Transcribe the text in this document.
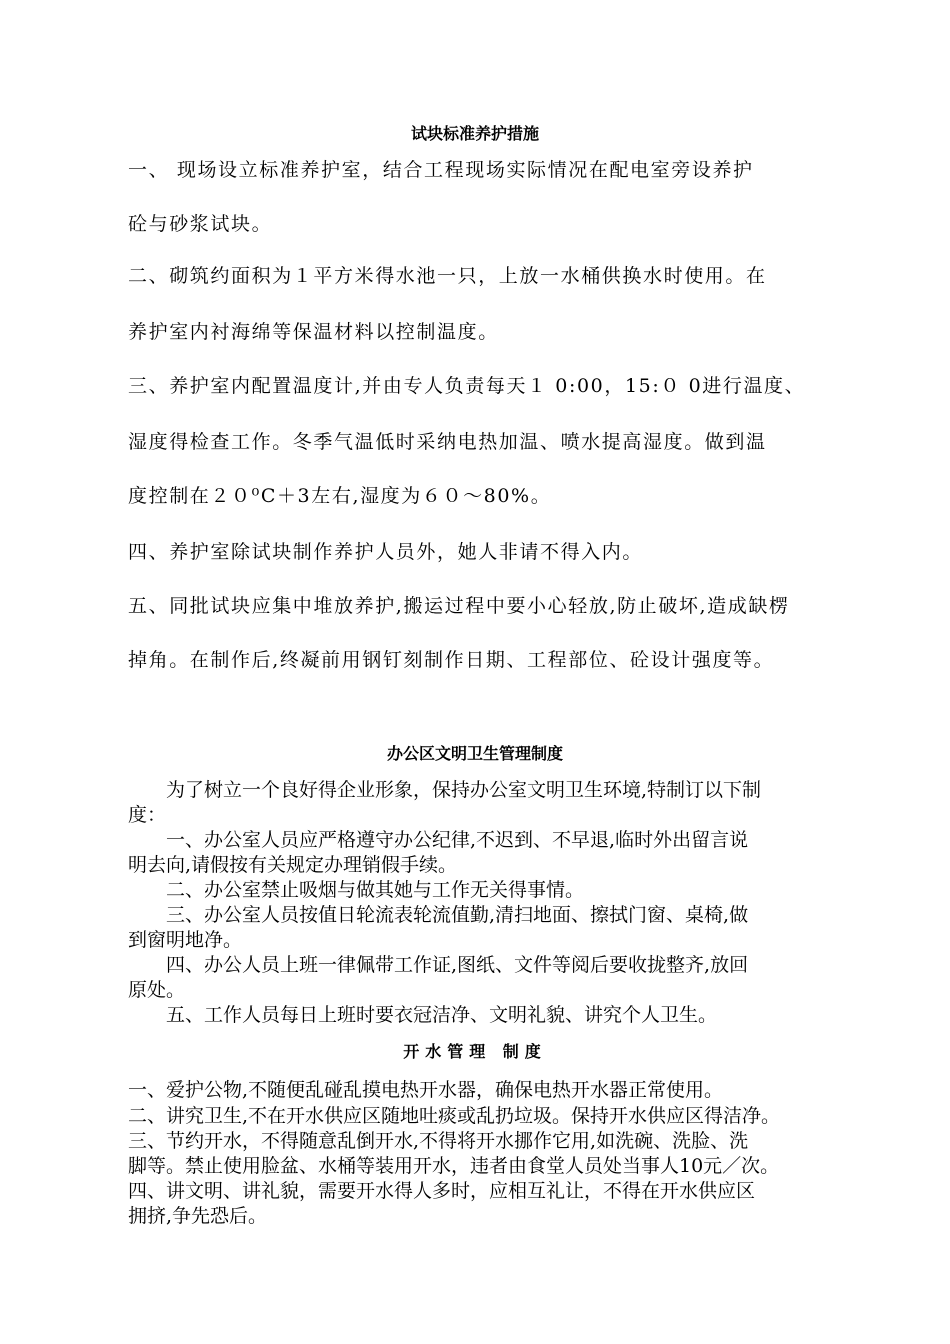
试块标准养护措施
一、 现场设立标准养护室，结合工程现场实际情况在配电室旁设养护
砼与砂浆试块。
二、砌筑约面积为１平方米得水池一只，上放一水桶供换水时使用。在
养护室内衬海绵等保温材料以控制温度。
三、养护室内配置温度计,并由专人负责每天１ 0:00，15:０ 0进行温度、
湿度得检查工作。冬季气温低时采纳电热加温、喷水提高湿度。做到温
度控制在２０⁰C＋3左右,湿度为６０～80%。
四、养护室除试块制作养护人员外，她人非请不得入内。
五、同批试块应集中堆放养护,搬运过程中要小心轻放,防止破坏,造成缺楞
掉角。在制作后,终凝前用钢钉刻制作日期、工程部位、砼设计强度等。
办公区文明卫生管理制度
　　为了树立一个良好得企业形象，保持办公室文明卫生环境,特制订以下制
度：
　　一、办公室人员应严格遵守办公纪律,不迟到、不早退,临时外出留言说
明去向,请假按有关规定办理销假手续。
　　二、办公室禁止吸烟与做其她与工作无关得事情。
　　三、办公室人员按值日轮流表轮流值勤,清扫地面、擦拭门窗、桌椅,做
到窗明地净。
　　四、办公人员上班一律佩带工作证,图纸、文件等阅后要收拢整齐,放回
原处。
　　五、工作人员每日上班时要衣冠洁净、文明礼貌、讲究个人卫生。
开水管理 制度
一、爱护公物,不随便乱碰乱摸电热开水器，确保电热开水器正常使用。
二、讲究卫生,不在开水供应区随地吐痰或乱扔垃圾。保持开水供应区得洁净。
三、节约开水，不得随意乱倒开水,不得将开水挪作它用,如洗碗、洗脸、洗
脚等。禁止使用脸盆、水桶等装用开水，违者由食堂人员处当事人10元／次。
四、讲文明、讲礼貌，需要开水得人多时，应相互礼让，不得在开水供应区
拥挤,争先恐后。
